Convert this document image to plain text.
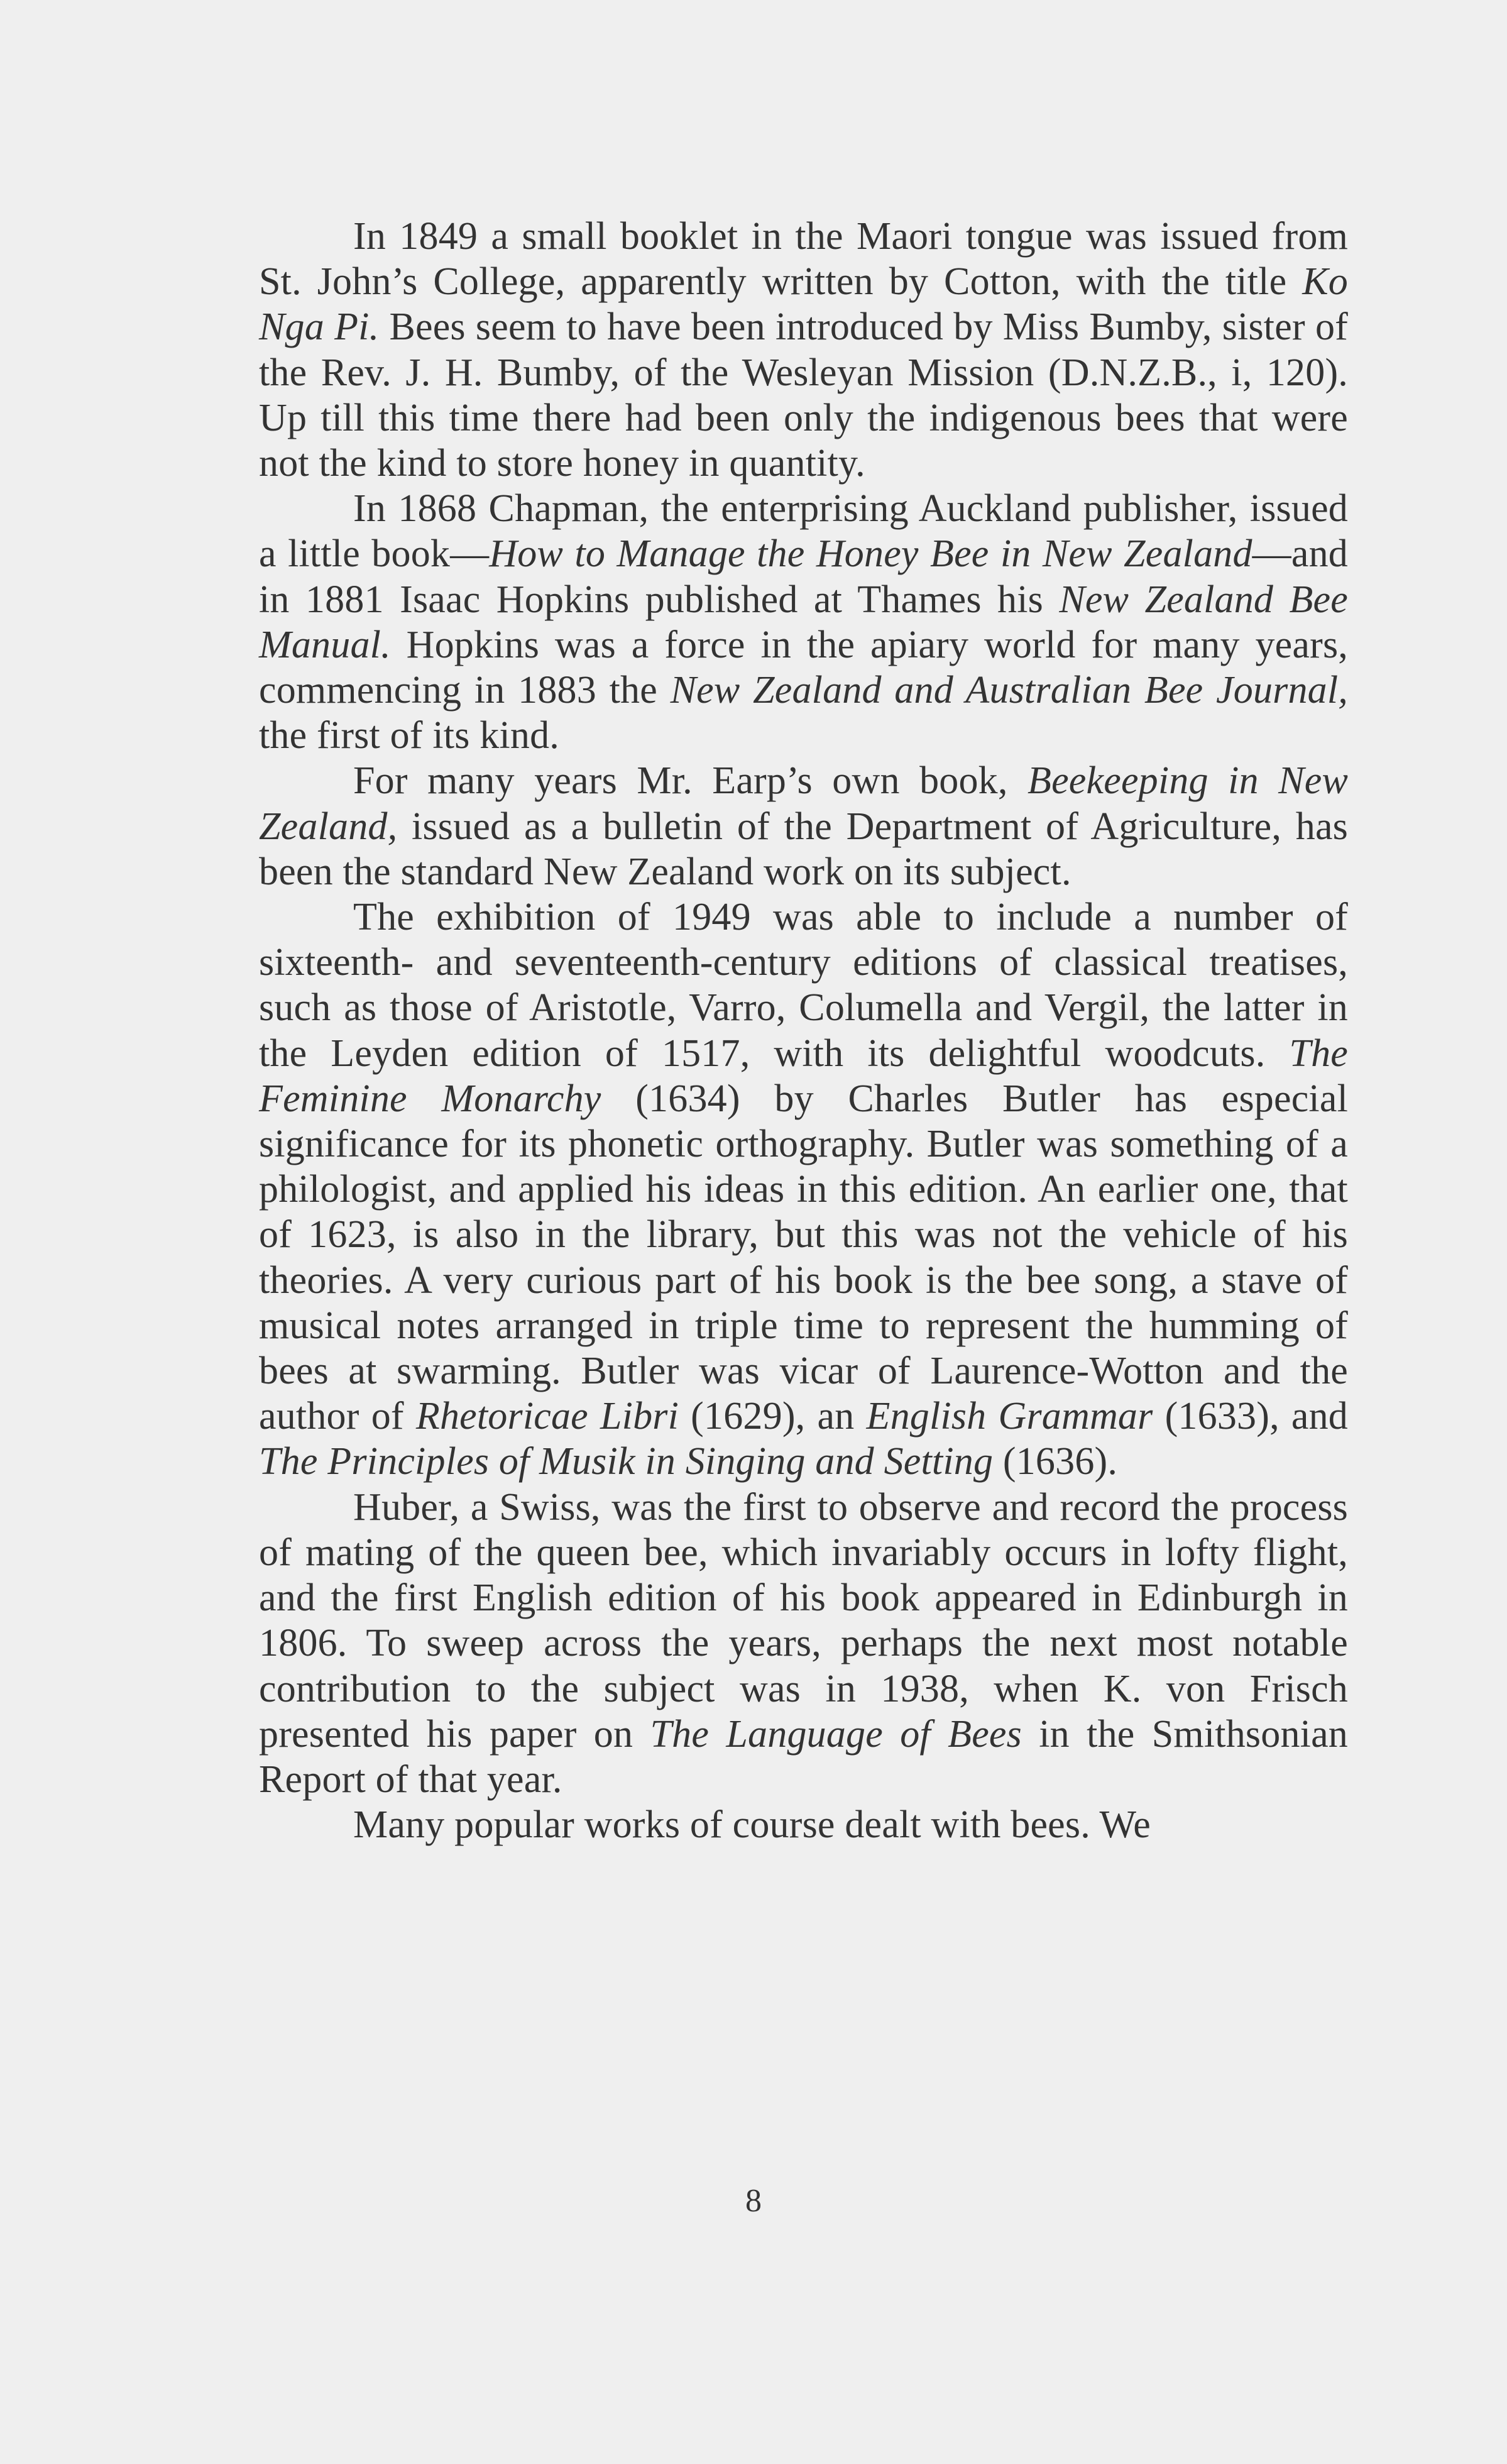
In 1849 a small booklet in the Maori tongue was issued from St. John’s College, apparently written by Cotton, with the title Ko Nga Pi. Bees seem to have been introduced by Miss Bumby, sister of the Rev. J. H. Bumby, of the Wesleyan Mission (D.N.Z.B., i, 120). Up till this time there had been only the indigenous bees that were not the kind to store honey in quantity.

In 1868 Chapman, the enterprising Auckland publisher, issued a little book—How to Manage the Honey Bee in New Zealand—and in 1881 Isaac Hopkins published at Thames his New Zealand Bee Manual. Hopkins was a force in the apiary world for many years, commencing in 1883 the New Zealand and Australian Bee Journal, the first of its kind.

For many years Mr. Earp’s own book, Beekeeping in New Zealand, issued as a bulletin of the Department of Agriculture, has been the standard New Zealand work on its subject.

The exhibition of 1949 was able to include a number of sixteenth- and seventeenth-century editions of classical treatises, such as those of Aristotle, Varro, Columella and Vergil, the latter in the Leyden edition of 1517, with its delightful woodcuts. The Feminine Monarchy (1634) by Charles Butler has especial significance for its phonetic orthography. Butler was something of a philologist, and applied his ideas in this edition. An earlier one, that of 1623, is also in the library, but this was not the vehicle of his theories. A very curious part of his book is the bee song, a stave of musical notes arranged in triple time to represent the humming of bees at swarming. Butler was vicar of Laurence-Wotton and the author of Rhetoricae Libri (1629), an English Grammar (1633), and The Principles of Musik in Singing and Setting (1636).

Huber, a Swiss, was the first to observe and record the process of mating of the queen bee, which invariably occurs in lofty flight, and the first English edition of his book appeared in Edinburgh in 1806. To sweep across the years, perhaps the next most notable contribution to the subject was in 1938, when K. von Frisch presented his paper on The Language of Bees in the Smithsonian Report of that year.

Many popular works of course dealt with bees. We

8
